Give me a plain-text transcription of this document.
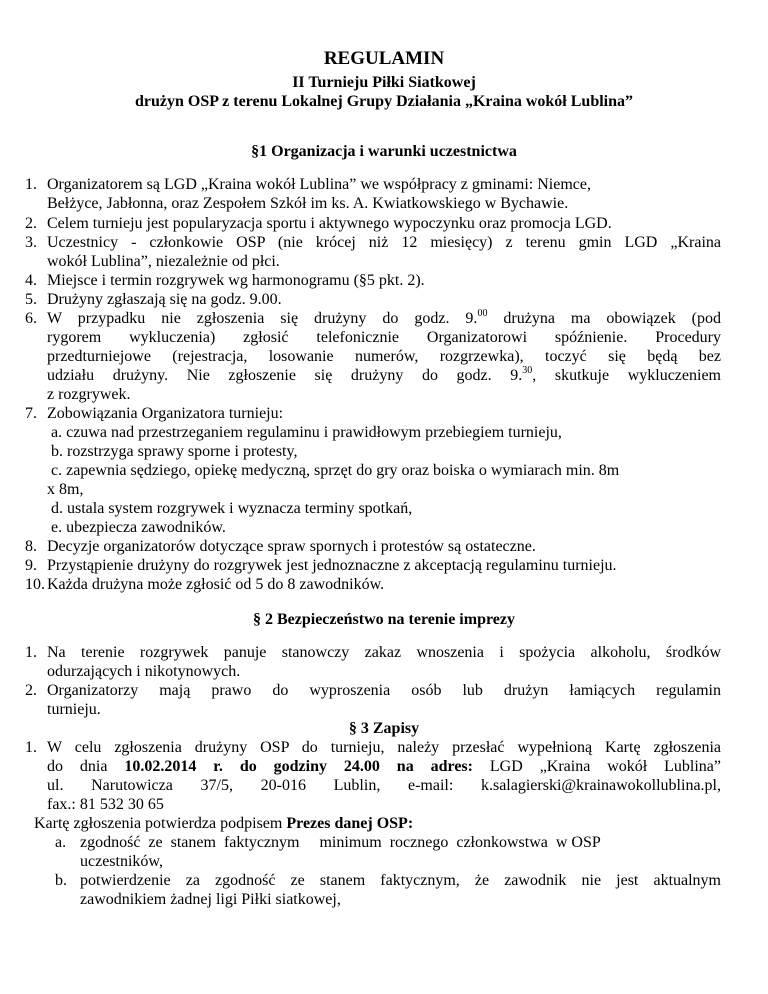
REGULAMIN
II Turnieju Piłki Siatkowej
drużyn OSP z terenu Lokalnej Grupy Działania „Kraina wokół Lublina”
§1 Organizacja i warunki uczestnictwa
1. Organizatorem są LGD „Kraina wokół Lublina” we współpracy z gminami: Niemce,
Bełżyce, Jabłonna, oraz Zespołem Szkół im ks. A. Kwiatkowskiego w Bychawie.
2. Celem turnieju jest popularyzacja sportu i aktywnego wypoczynku oraz promocja LGD.
3. Uczestnicy - członkowie OSP (nie krócej niż 12 miesięcy) z terenu gmin LGD „Kraina
wokół Lublina”, niezależnie od płci.
4. Miejsce i termin rozgrywek wg harmonogramu (§5 pkt. 2).
5. Drużyny zgłaszają się na godz. 9.00.
6. W przypadku nie zgłoszenia się drużyny do godz. 9.00 drużyna ma obowiązek (pod
rygorem wykluczenia) zgłosić telefonicznie Organizatorowi spóźnienie. Procedury
przedturniejowe (rejestracja, losowanie numerów, rozgrzewka), toczyć się będą bez
udziału drużyny. Nie zgłoszenie się drużyny do godz. 9.30, skutkuje wykluczeniem
z rozgrywek.
7. Zobowiązania Organizatora turnieju:
a. czuwa nad przestrzeganiem regulaminu i prawidłowym przebiegiem turnieju,
b. rozstrzyga sprawy sporne i protesty,
c. zapewnia sędziego, opiekę medyczną, sprzęt do gry oraz boiska o wymiarach min. 8m
x 8m,
d. ustala system rozgrywek i wyznacza terminy spotkań,
e. ubezpiecza zawodników.
8. Decyzje organizatorów dotyczące spraw spornych i protestów są ostateczne.
9. Przystąpienie drużyny do rozgrywek jest jednoznaczne z akceptacją regulaminu turnieju.
10. Każda drużyna może zgłosić od 5 do 8 zawodników.
§ 2 Bezpieczeństwo na terenie imprezy
1. Na terenie rozgrywek panuje stanowczy zakaz wnoszenia i spożycia alkoholu, środków
odurzających i nikotynowych.
2. Organizatorzy mają prawo do wyproszenia osób lub drużyn łamiących regulamin
turnieju.
§ 3 Zapisy
1. W celu zgłoszenia drużyny OSP do turnieju, należy przesłać wypełnioną Kartę zgłoszenia
do dnia 10.02.2014 r. do godziny 24.00 na adres: LGD „Kraina wokół Lublina”
ul. Narutowicza 37/5, 20-016 Lublin, e-mail: k.salagierski@krainawokollublina.pl,
fax.: 81 532 30 65
Kartę zgłoszenia potwierdza podpisem Prezes danej OSP:
a. zgodność  ze  stanem  faktycznym     minimum  rocznego  członkowstwa  w OSP
uczestników,
b. potwierdzenie za zgodność ze stanem faktycznym, że zawodnik nie jest aktualnym
zawodnikiem żadnej ligi Piłki siatkowej,
